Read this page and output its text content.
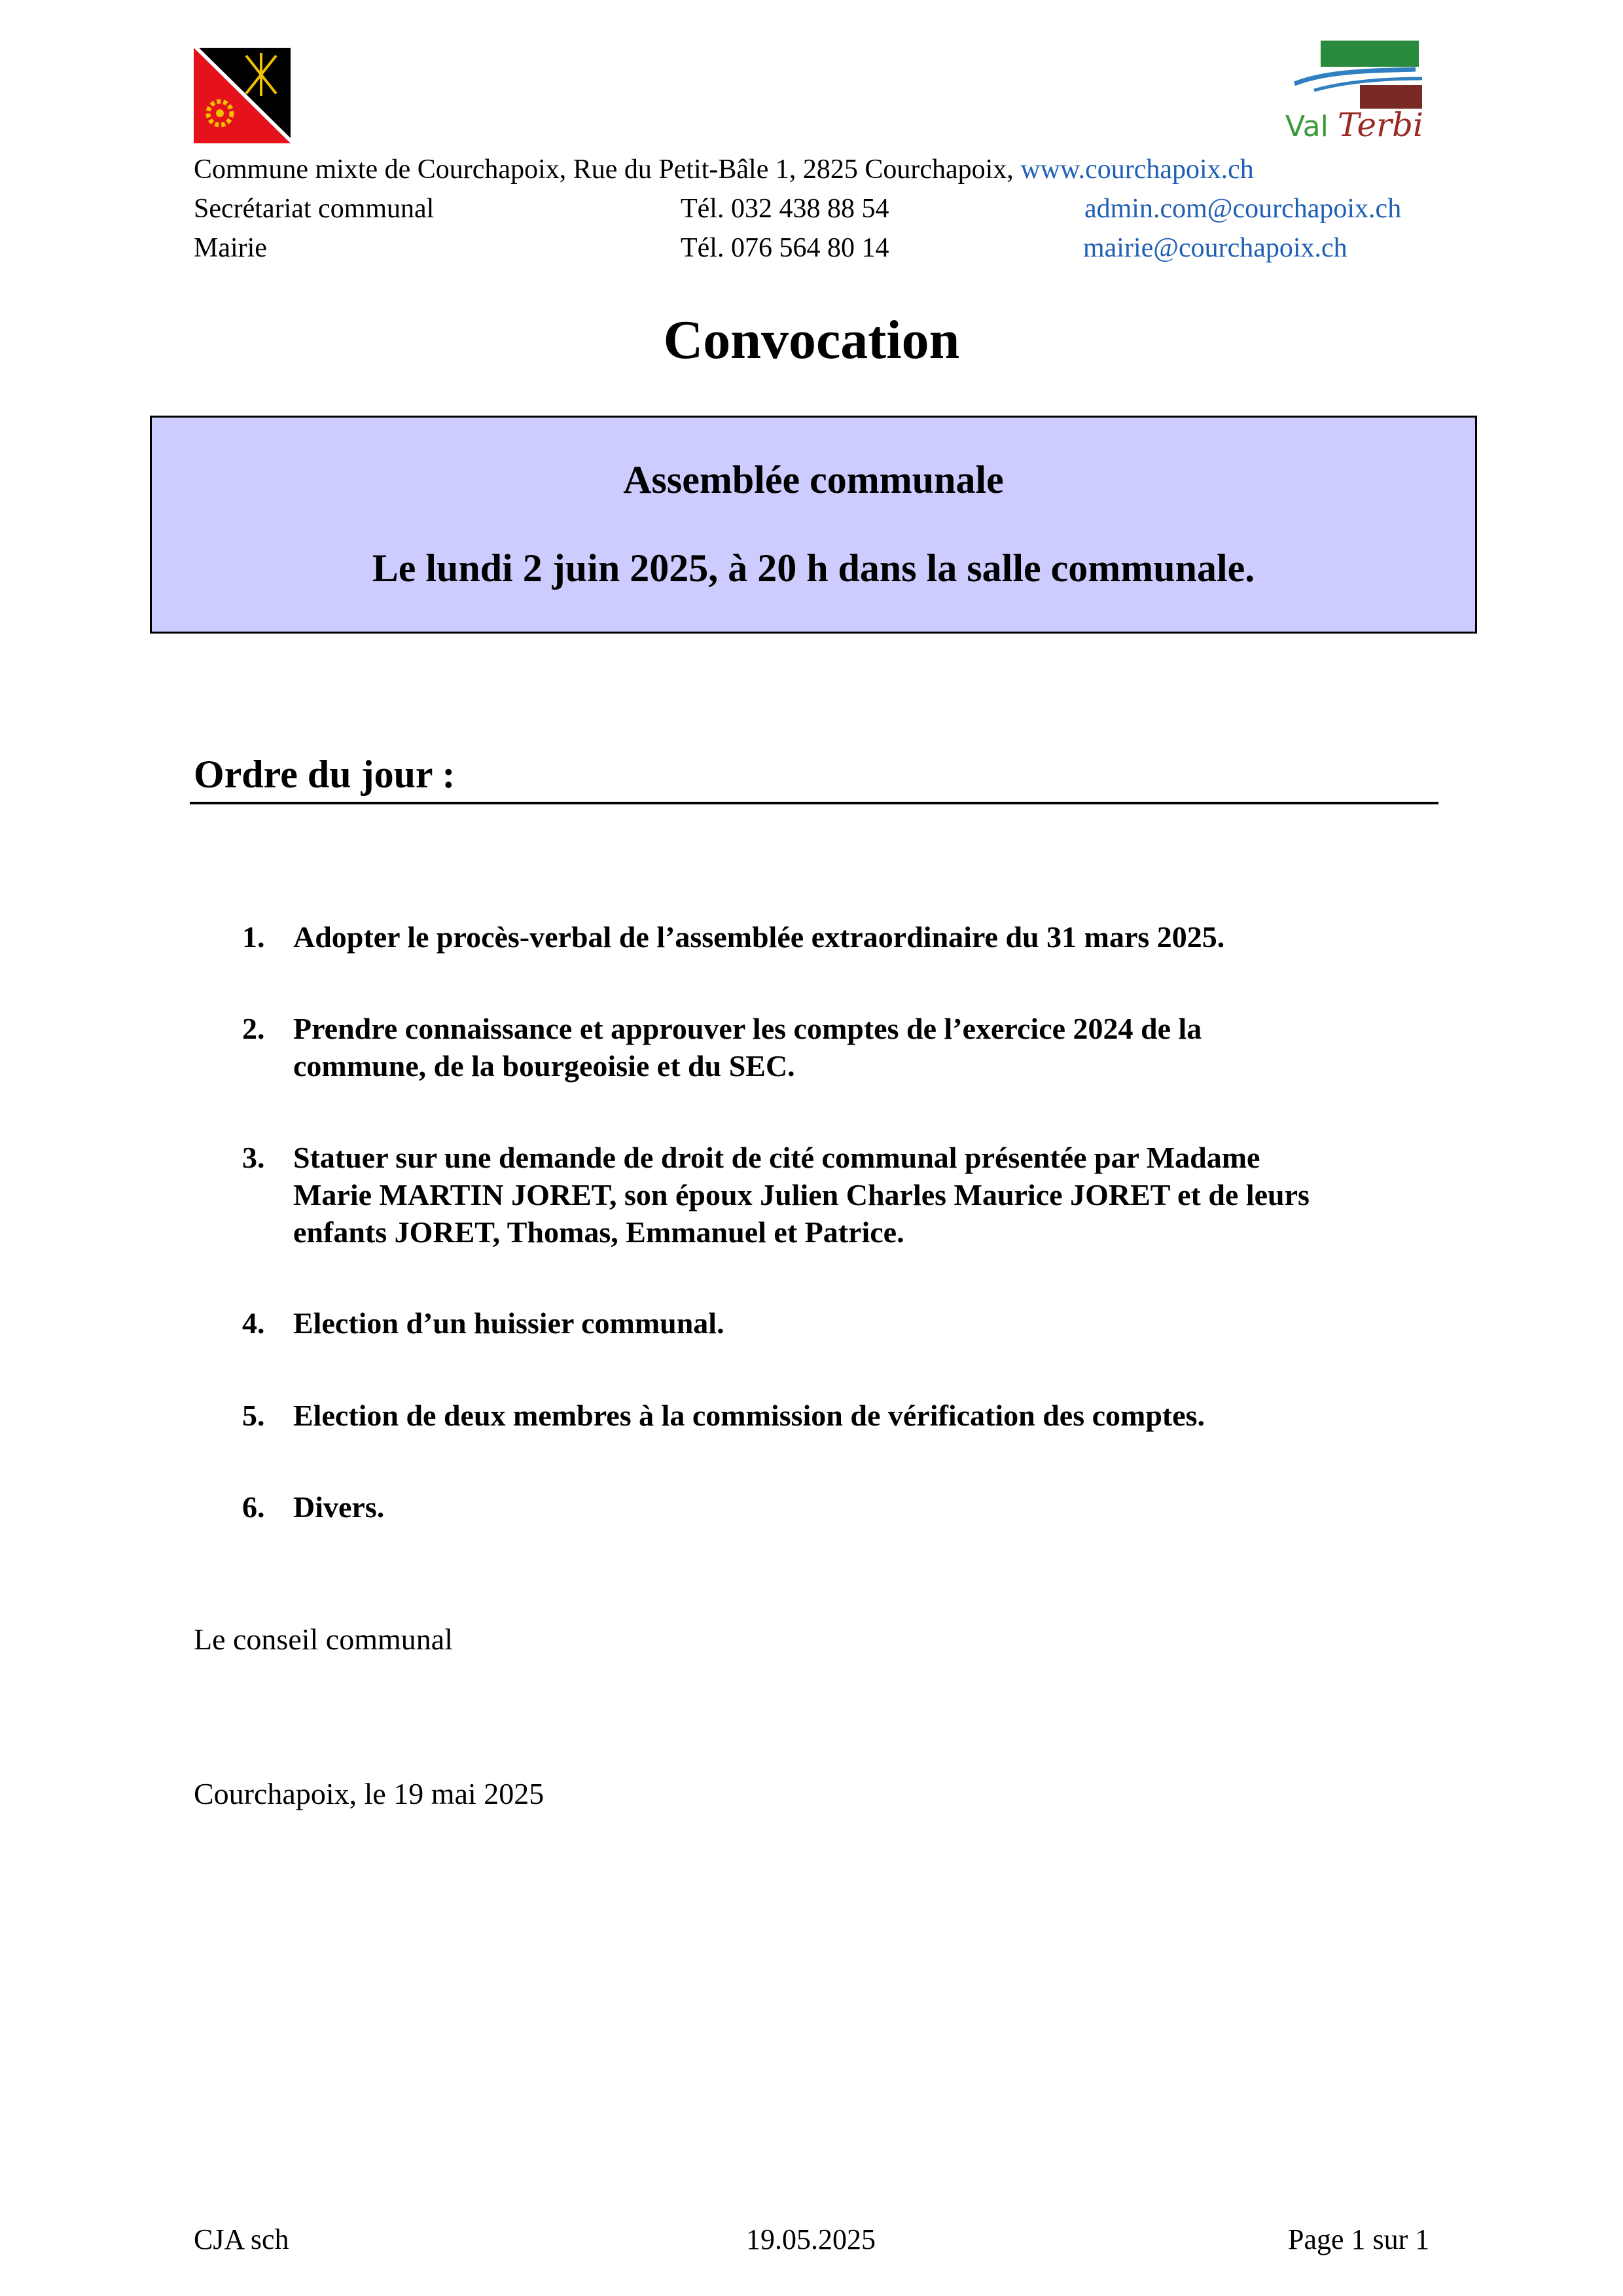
Val Terbi
Commune mixte de Courchapoix, Rue du Petit-Bâle 1, 2825 Courchapoix, www.courchapoix.ch
Secrétariat communal	Tél. 032 438 88 54	admin.com@courchapoix.ch
Mairie	Tél. 076 564 80 14	mairie@courchapoix.ch
Convocation
Assemblée communale
Le lundi 2 juin 2025, à 20 h dans la salle communale.
Ordre du jour :
1. Adopter le procès-verbal de l’assemblée extraordinaire du 31 mars 2025.
2. Prendre connaissance et approuver les comptes de l’exercice 2024 de la
commune, de la bourgeoisie et du SEC.
3. Statuer sur une demande de droit de cité communal présentée par Madame
Marie MARTIN JORET, son époux Julien Charles Maurice JORET et de leurs
enfants JORET, Thomas, Emmanuel et Patrice.
4. Election d’un huissier communal.
5. Election de deux membres à la commission de vérification des comptes.
6. Divers.
Le conseil communal
Courchapoix, le 19 mai 2025
CJA sch	19.05.2025	Page 1 sur 1
